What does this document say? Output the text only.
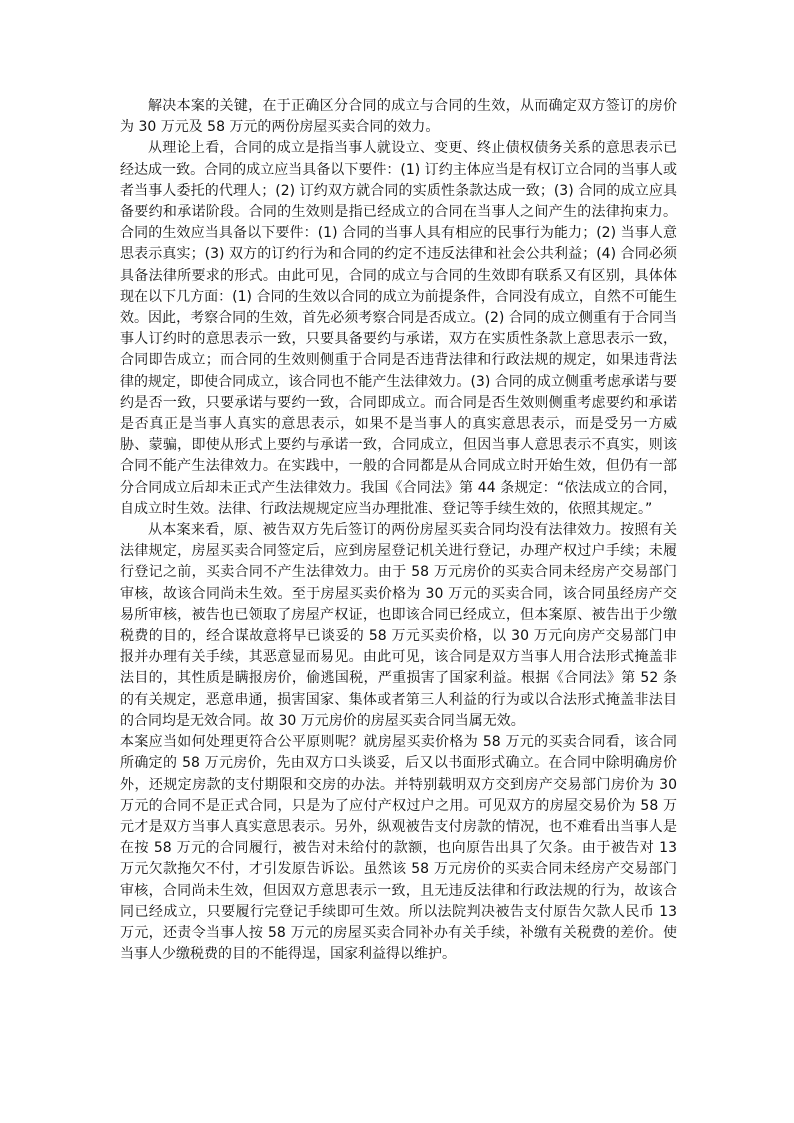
解决本案的关键，在于正确区分合同的成立与合同的生效，从而确定双方签订的房价为 30 万元及 58 万元的两份房屋买卖合同的效力。

从理论上看，合同的成立是指当事人就设立、变更、终止债权债务关系的意思表示已经达成一致。合同的成立应当具备以下要件：(1) 订约主体应当是有权订立合同的当事人或者当事人委托的代理人；(2) 订约双方就合同的实质性条款达成一致；(3) 合同的成立应具备要约和承诺阶段。合同的生效则是指已经成立的合同在当事人之间产生的法律拘束力。合同的生效应当具备以下要件：(1) 合同的当事人具有相应的民事行为能力；(2) 当事人意思表示真实；(3) 双方的订约行为和合同的约定不违反法律和社会公共利益；(4) 合同必须具备法律所要求的形式。由此可见，合同的成立与合同的生效即有联系又有区别，具体体现在以下几方面：(1) 合同的生效以合同的成立为前提条件，合同没有成立，自然不可能生效。因此，考察合同的生效，首先必须考察合同是否成立。(2) 合同的成立侧重有于合同当事人订约时的意思表示一致，只要具备要约与承诺，双方在实质性条款上意思表示一致，合同即告成立；而合同的生效则侧重于合同是否违背法律和行政法规的规定，如果违背法律的规定，即使合同成立，该合同也不能产生法律效力。(3) 合同的成立侧重考虑承诺与要约是否一致，只要承诺与要约一致，合同即成立。而合同是否生效则侧重考虑要约和承诺是否真正是当事人真实的意思表示，如果不是当事人的真实意思表示，而是受另一方威胁、蒙骗，即使从形式上要约与承诺一致，合同成立，但因当事人意思表示不真实，则该合同不能产生法律效力。在实践中，一般的合同都是从合同成立时开始生效，但仍有一部分合同成立后却未正式产生法律效力。我国《合同法》第 44 条规定：“依法成立的合同，自成立时生效。法律、行政法规规定应当办理批准、登记等手续生效的，依照其规定。”

从本案来看，原、被告双方先后签订的两份房屋买卖合同均没有法律效力。按照有关法律规定，房屋买卖合同签定后，应到房屋登记机关进行登记，办理产权过户手续；未履行登记之前，买卖合同不产生法律效力。由于 58 万元房价的买卖合同未经房产交易部门审核，故该合同尚未生效。至于房屋买卖价格为 30 万元的买卖合同，该合同虽经房产交易所审核，被告也已领取了房屋产权证，也即该合同已经成立，但本案原、被告出于少缴税费的目的，经合谋故意将早已谈妥的 58 万元买卖价格，以 30 万元向房产交易部门申报并办理有关手续，其恶意显而易见。由此可见，该合同是双方当事人用合法形式掩盖非法目的，其性质是瞒报房价，偷逃国税，严重损害了国家利益。根据《合同法》第 52 条的有关规定，恶意串通，损害国家、集体或者第三人利益的行为或以合法形式掩盖非法目的合同均是无效合同。故 30 万元房价的房屋买卖合同当属无效。

本案应当如何处理更符合公平原则呢？就房屋买卖价格为 58 万元的买卖合同看，该合同所确定的 58 万元房价，先由双方口头谈妥，后又以书面形式确立。在合同中除明确房价外，还规定房款的支付期限和交房的办法。并特别载明双方交到房产交易部门房价为 30 万元的合同不是正式合同，只是为了应付产权过户之用。可见双方的房屋交易价为 58 万元才是双方当事人真实意思表示。另外，纵观被告支付房款的情况，也不难看出当事人是在按 58 万元的合同履行，被告对未给付的款额，也向原告出具了欠条。由于被告对 13 万元欠款拖欠不付，才引发原告诉讼。虽然该 58 万元房价的买卖合同未经房产交易部门审核，合同尚未生效，但因双方意思表示一致，且无违反法律和行政法规的行为，故该合同已经成立，只要履行完登记手续即可生效。所以法院判决被告支付原告欠款人民币 13 万元，还责令当事人按 58 万元的房屋买卖合同补办有关手续，补缴有关税费的差价。使当事人少缴税费的目的不能得逞，国家利益得以维护。
